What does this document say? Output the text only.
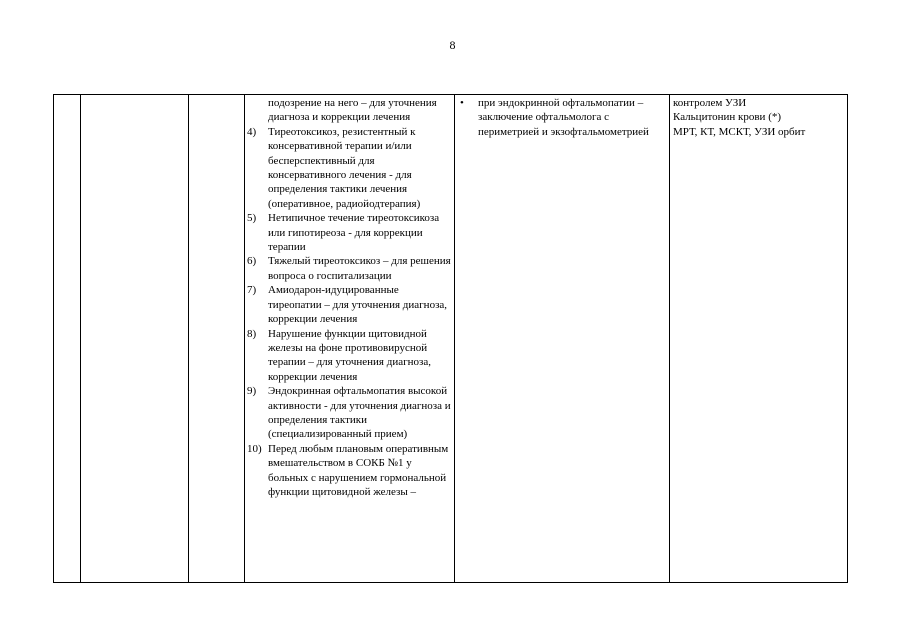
8
подозрение на него – для уточнения диагноза и коррекции лечения
4) Тиреотоксикоз, резистентный к консервативной терапии и/или бесперспективный для консервативного лечения - для определения тактики лечения (оперативное, радиойодтерапия)
5) Нетипичное течение тиреотоксикоза или гипотиреоза - для коррекции терапии
6) Тяжелый тиреотоксикоз – для решения вопроса о госпитализации
7) Амиодарон-идуцированные тиреопатии – для уточнения диагноза, коррекции лечения
8) Нарушение функции щитовидной железы на фоне противовирусной терапии – для уточнения диагноза, коррекции лечения
9) Эндокринная офтальмопатия высокой активности - для уточнения диагноза и определения тактики (специализированный прием)
10) Перед любым плановым оперативным вмешательством в СОКБ №1 у больных с нарушением гормональной функции щитовидной железы –
• при эндокринной офтальмопатии – заключение офтальмолога с периметрией и экзофтальмометрией
контролем УЗИ
Кальцитонин крови (*)
МРТ, КТ, МСКТ, УЗИ орбит
